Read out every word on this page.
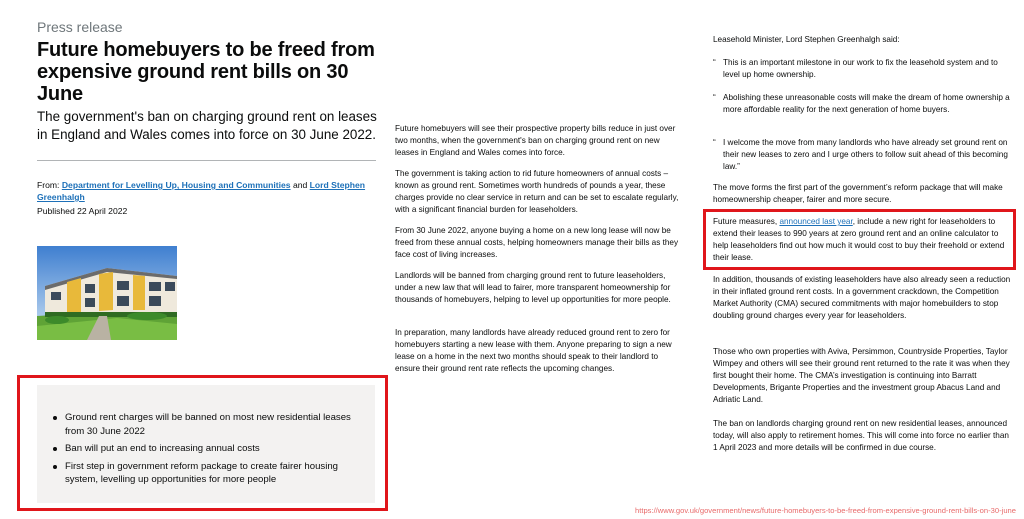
Press release
Future homebuyers to be freed from expensive ground rent bills on 30 June

The government's ban on charging ground rent on leases in England and Wales comes into force on 30 June 2022.

From: Department for Levelling Up, Housing and Communities and Lord Stephen Greenhalgh

Published 22 April 2022

Ground rent charges will be banned on most new residential leases from 30 June 2022
Ban will put an end to increasing annual costs
First step in government reform package to create fairer housing system, levelling up opportunities for more people

Future homebuyers will see their prospective property bills reduce in just over two months, when the government's ban on charging ground rent on new leases in England and Wales comes into force.

The government is taking action to rid future homeowners of annual costs – known as ground rent. Sometimes worth hundreds of pounds a year, these charges provide no clear service in return and can be set to escalate regularly, with a significant financial burden for leaseholders.

From 30 June 2022, anyone buying a home on a new long lease will now be freed from these annual costs, helping homeowners manage their bills as they face cost of living increases.

Landlords will be banned from charging ground rent to future leaseholders, under a new law that will lead to fairer, more transparent homeownership for thousands of homebuyers, helping to level up opportunities for more people.

In preparation, many landlords have already reduced ground rent to zero for homebuyers starting a new lease with them. Anyone preparing to sign a new lease on a home in the next two months should speak to their landlord to ensure their ground rent rate reflects the upcoming changes.

Leasehold Minister, Lord Stephen Greenhalgh said:

“ This is an important milestone in our work to fix the leasehold system and to level up home ownership.
“ Abolishing these unreasonable costs will make the dream of home ownership a more affordable reality for the next generation of home buyers.
“ I welcome the move from many landlords who have already set ground rent on their new leases to zero and I urge others to follow suit ahead of this becoming law.”

The move forms the first part of the government’s reform package that will make homeownership cheaper, fairer and more secure.

Future measures, announced last year, include a new right for leaseholders to extend their leases to 990 years at zero ground rent and an online calculator to help leaseholders find out how much it would cost to buy their freehold or extend their lease.

In addition, thousands of existing leaseholders have also already seen a reduction in their inflated ground rent costs. In a government crackdown, the Competition Market Authority (CMA) secured commitments with major homebuilders to stop doubling ground charges every year for leaseholders.

Those who own properties with Aviva, Persimmon, Countryside Properties, Taylor Wimpey and others will see their ground rent returned to the rate it was when they first bought their home. The CMA’s investigation is continuing into Barratt Developments, Brigante Properties and the investment group Abacus Land and Adriatic Land.

The ban on landlords charging ground rent on new residential leases, announced today, will also apply to retirement homes. This will come into force no earlier than 1 April 2023 and more details will be confirmed in due course.

https://www.gov.uk/government/news/future-homebuyers-to-be-freed-from-expensive-ground-rent-bills-on-30-june
